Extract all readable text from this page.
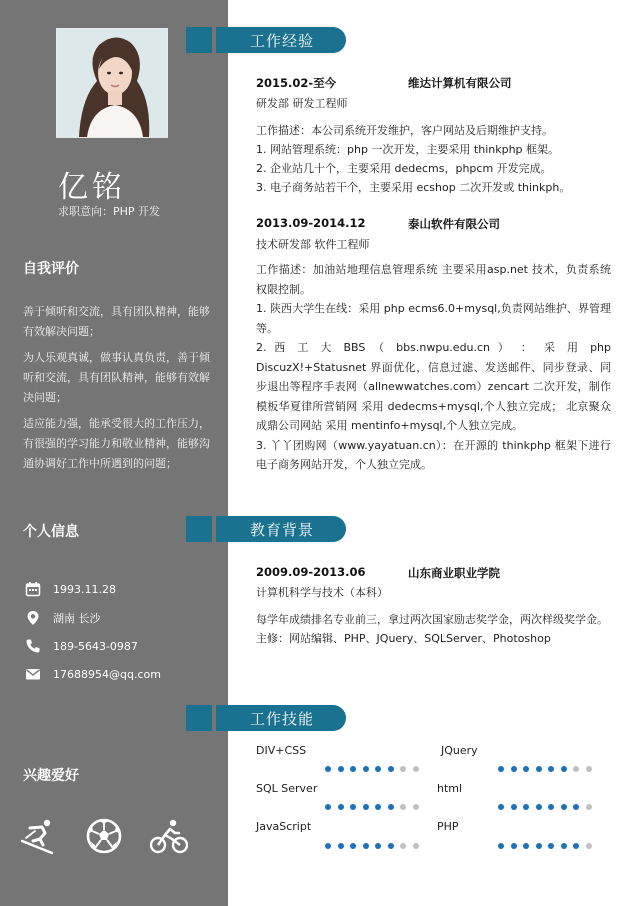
亿铭
求职意向：PHP 开发
自我评价
善于倾听和交流，具有团队精神，能够有效解决问题；
为人乐观真诚，做事认真负责，善于倾听和交流，具有团队精神，能够有效解决问题；
适应能力强，能承受很大的工作压力，有很强的学习能力和敬业精神，能够沟通协调好工作中所遇到的问题；
个人信息
1993.11.28
湖南 长沙
189-5643-0987
17688954@qq.com
兴趣爱好
工作经验
2015.02-至今	维达计算机有限公司
研发部 研发工程师
工作描述：本公司系统开发维护，客户网站及后期维护支持。
1. 网站管理系统：php 一次开发，主要采用 thinkphp 框架。
2. 企业站几十个，主要采用 dedecms，phpcm 开发完成。
3. 电子商务站若干个，主要采用 ecshop 二次开发或 thinkph。
2013.09-2014.12	泰山软件有限公司
技术研发部 软件工程师

工作描述：加油站地理信息管理系统 主要采用asp.net 技术，负责系统权限控制。

1. 陕西大学生在线：采用 php ecms6.0+mysql,负责网站维护、界管理等。

2. 西 工 大 BBS （ bbs.nwpu.edu.cn ） ： 采 用 php DiscuzX!+Statusnet 界面优化，信息过滤、发送邮件、同步登录、同步退出等程序手表网（allnewwatches.com）zencart 二次开发，制作模板华夏律所营销网 采用 dedecms+mysql,个人独立完成； 北京聚众成鼎公司网站 采用 mentinfo+mysql,个人独立完成。

3. 丫丫团购网（www.yayatuan.cn）：在开源的 thinkphp 框架下进行电子商务网站开发，个人独立完成。

教育背景
2009.09-2013.06	山东商业职业学院
计算机科学与技术（本科）
每学年成绩排名专业前三，拿过两次国家励志奖学金，两次样级奖学金。
主修：网站编辑、PHP、JQuery、SQLServer、Photoshop
工作技能
DIV+CSS	JQuery
SQL Server	html
JavaScript	PHP
